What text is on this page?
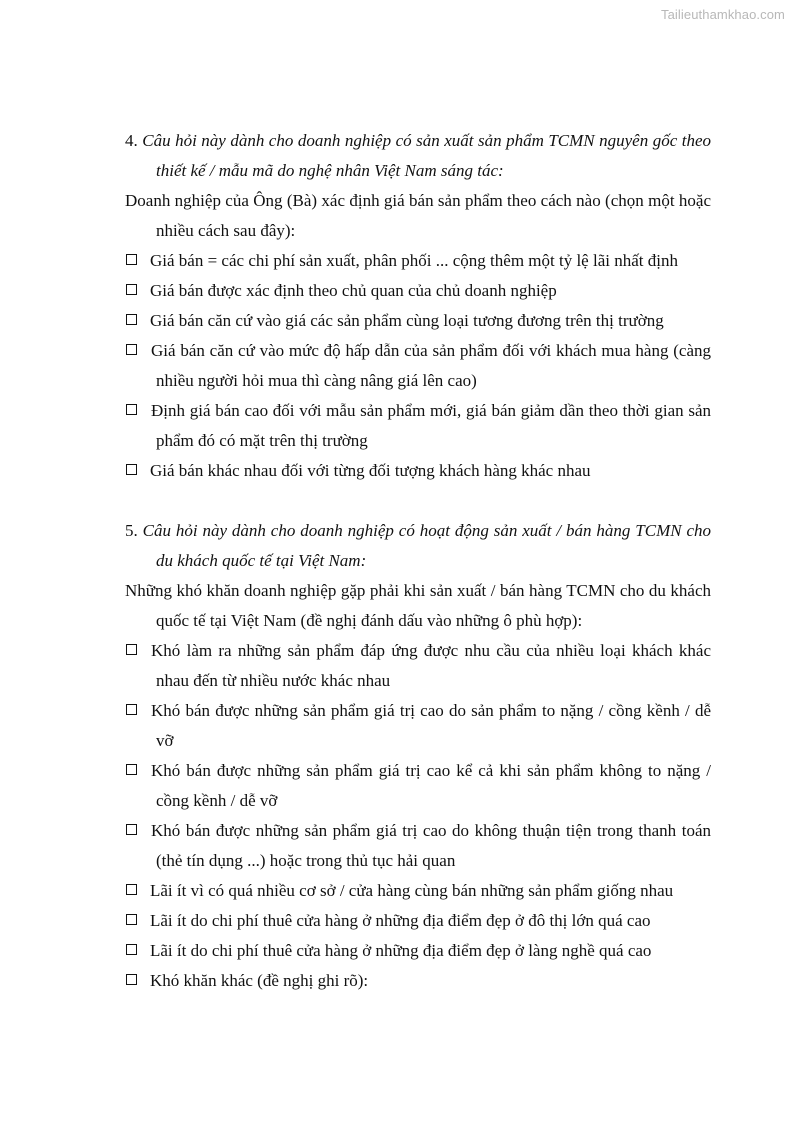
Tailieuthamkhao.com
4. Câu hỏi này dành cho doanh nghiệp có sản xuất sản phẩm TCMN nguyên gốc theo thiết kế / mẫu mã do nghệ nhân Việt Nam sáng tác:
Doanh nghiệp của Ông (Bà) xác định giá bán sản phẩm theo cách nào (chọn một hoặc nhiều cách sau đây):
Giá bán = các chi phí sản xuất, phân phối ... cộng thêm một tỷ lệ lãi nhất định
Giá bán được xác định theo chủ quan của chủ doanh nghiệp
Giá bán căn cứ vào giá các sản phẩm cùng loại tương đương trên thị trường
Giá bán căn cứ vào mức độ hấp dẫn của sản phẩm đối với khách mua hàng (càng nhiều người hỏi mua thì càng nâng giá lên cao)
Định giá bán cao đối với mẫu sản phẩm mới, giá bán giảm dần theo thời gian sản phẩm đó có mặt trên thị trường
Giá bán khác nhau đối với từng đối tượng khách hàng khác nhau
5. Câu hỏi này dành cho doanh nghiệp có hoạt động sản xuất / bán hàng TCMN cho du khách quốc tế tại Việt Nam:
Những khó khăn doanh nghiệp gặp phải khi sản xuất / bán hàng TCMN cho du khách quốc tế tại Việt Nam (đề nghị đánh dấu vào những ô phù hợp):
Khó làm ra những sản phẩm đáp ứng được nhu cầu của nhiều loại khách khác nhau đến từ nhiều nước khác nhau
Khó bán được những sản phẩm giá trị cao do sản phẩm to nặng / cồng kềnh / dễ vỡ
Khó bán được những sản phẩm giá trị cao kể cả khi sản phẩm không to nặng / cồng kềnh / dễ vỡ
Khó bán được những sản phẩm giá trị cao do không thuận tiện trong thanh toán (thẻ tín dụng ...) hoặc trong thủ tục hải quan
Lãi ít vì có quá nhiều cơ sở / cửa hàng cùng bán những sản phẩm giống nhau
Lãi ít do chi phí thuê cửa hàng ở những địa điểm đẹp ở đô thị lớn quá cao
Lãi ít do chi phí thuê cửa hàng ở những địa điểm đẹp ở làng nghề quá cao
Khó khăn khác (đề nghị ghi rõ):
